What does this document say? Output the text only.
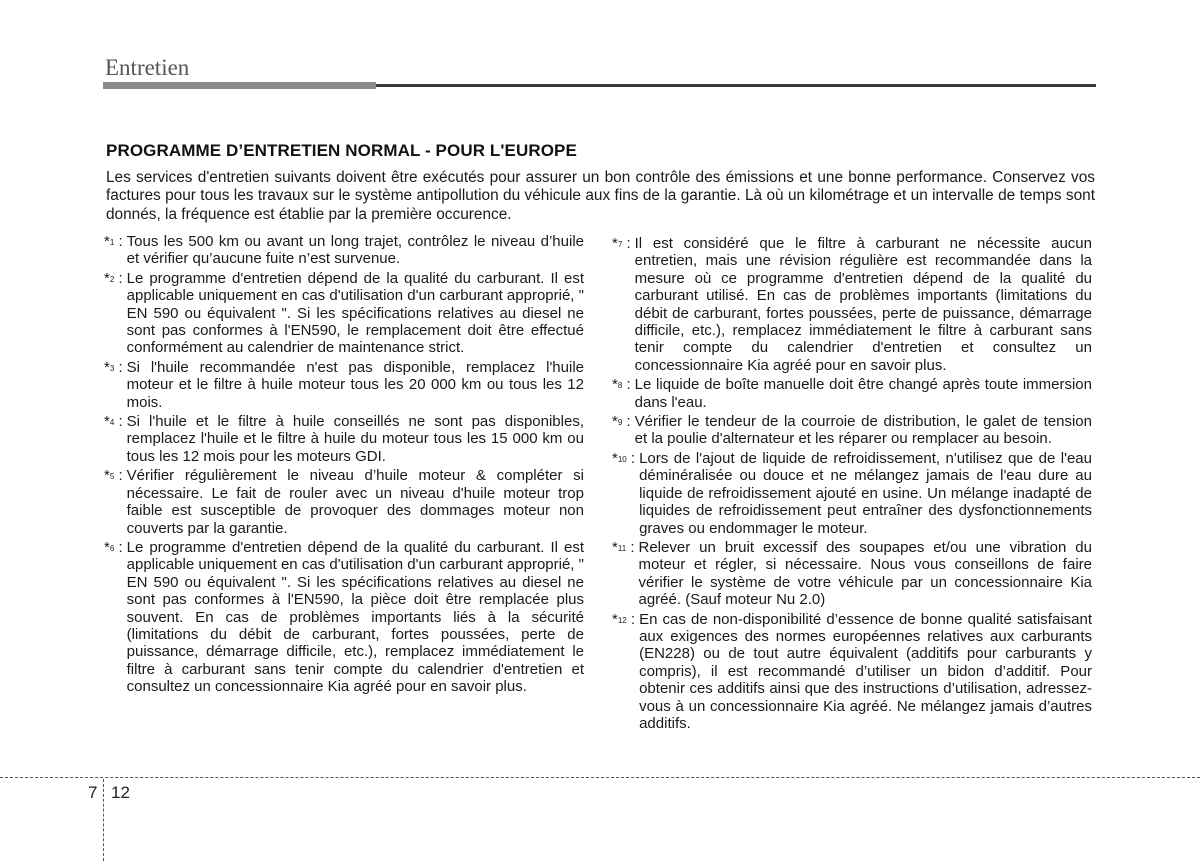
Entretien
PROGRAMME D’ENTRETIEN NORMAL - POUR L'EUROPE
Les services d'entretien suivants doivent être exécutés pour assurer un bon contrôle des émissions et une bonne performance. Conservez vos factures pour tous les travaux sur le système antipollution du véhicule aux fins de la garantie. Là où un kilométrage et un intervalle de temps sont donnés, la fréquence est établie par la première occurence.
*$^1$ : Tous les 500 km ou avant un long trajet, contrôlez le niveau d’huile et vérifier qu’aucune fuite n’est survenue.
*$^2$ : Le programme d'entretien dépend de la qualité du carburant. Il est applicable uniquement en cas d'utilisation d'un carburant approprié, " EN 590 ou équivalent ". Si les spécifications relatives au diesel ne sont pas conformes à l'EN590, le remplacement doit être effectué conformément au calendrier de maintenance strict.
*$^3$ : Si l'huile recommandée n'est pas disponible, remplacez l'huile moteur et le filtre à huile moteur tous les 20 000 km ou tous les 12 mois.
*$^4$ : Si l'huile et le filtre à huile conseillés ne sont pas disponibles, remplacez l'huile et le filtre à huile du moteur tous les 15 000 km ou tous les 12 mois pour les moteurs GDI.
*$^5$ : Vérifier régulièrement le niveau d’huile moteur & compléter si nécessaire. Le fait de rouler avec un niveau d'huile moteur trop faible est susceptible de provoquer des dommages moteur non couverts par la garantie.
*$^6$ : Le programme d'entretien dépend de la qualité du carburant. Il est applicable uniquement en cas d'utilisation d'un carburant approprié, " EN 590 ou équivalent ". Si les spécifications relatives au diesel ne sont pas conformes à l'EN590, la pièce doit être remplacée plus souvent. En cas de problèmes importants liés à la sécurité (limitations du débit de carburant, fortes poussées, perte de puissance, démarrage difficile, etc.), remplacez immédiatement le filtre à carburant sans tenir compte du calendrier d'entretien et consultez un concessionnaire Kia agréé pour en savoir plus.
*$^7$ : Il est considéré que le filtre à carburant ne nécessite aucun entretien, mais une révision régulière est recommandée dans la mesure où ce programme d'entretien dépend de la qualité du carburant utilisé. En cas de problèmes importants (limitations du débit de carburant, fortes poussées, perte de puissance, démarrage difficile, etc.), remplacez immédiatement le filtre à carburant sans tenir compte du calendrier d'entretien et consultez un concessionnaire Kia agréé pour en savoir plus.
*$^8$ : Le liquide de boîte manuelle doit être changé après toute immersion dans l'eau.
*$^9$ : Vérifier le tendeur de la courroie de distribution, le galet de tension et la poulie d'alternateur et les réparer ou remplacer au besoin.
*$^{10}$ : Lors de l'ajout de liquide de refroidissement, n'utilisez que de l'eau déminéralisée ou douce et ne mélangez jamais de l'eau dure au liquide de refroidissement ajouté en usine. Un mélange inadapté de liquides de refroidissement peut entraîner des dysfonctionnements graves ou endommager le moteur.
*$^{11}$ : Relever un bruit excessif des soupapes et/ou une vibration du moteur et régler, si nécessaire. Nous vous conseillons de faire vérifier le système de votre véhicule par un concessionnaire Kia agréé. (Sauf moteur Nu 2.0)
*$^{12}$ : En cas de non-disponibilité d’essence de bonne qualité satisfaisant aux exigences des normes européennes relatives aux carburants (EN228) ou de tout autre équivalent (additifs pour carburants y compris), il est recommandé d’utiliser un bidon d’additif. Pour obtenir ces additifs ainsi que des instructions d’utilisation, adressez-vous à un concessionnaire Kia agréé. Ne mélangez jamais d’autres additifs.
7 12
